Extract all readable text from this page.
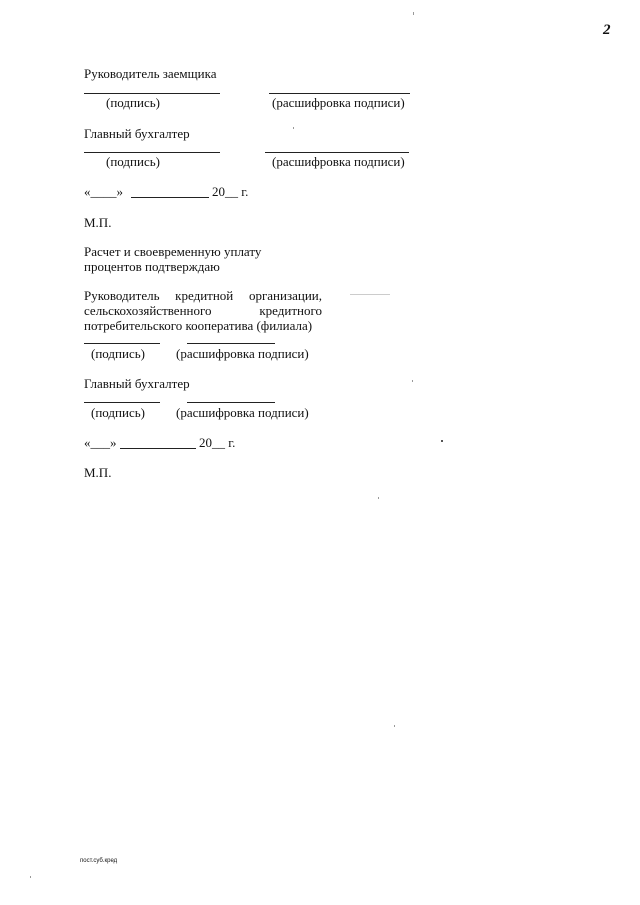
2
Руководитель заемщика
(подпись)	(расшифровка подписи)
Главный бухгалтер
(подпись)	(расшифровка подписи)
«____»	20__ г.
М.П.
Расчет и своевременную уплату
процентов подтверждаю
Руководитель кредитной организации,
сельскохозяйственного	кредитного
потребительского кооператива (филиала)
(подпись) (расшифровка подписи)
Главный бухгалтер
(подпись) (расшифровка подписи)
«___»	20__ г.
М.П.
пост.суб.кред
